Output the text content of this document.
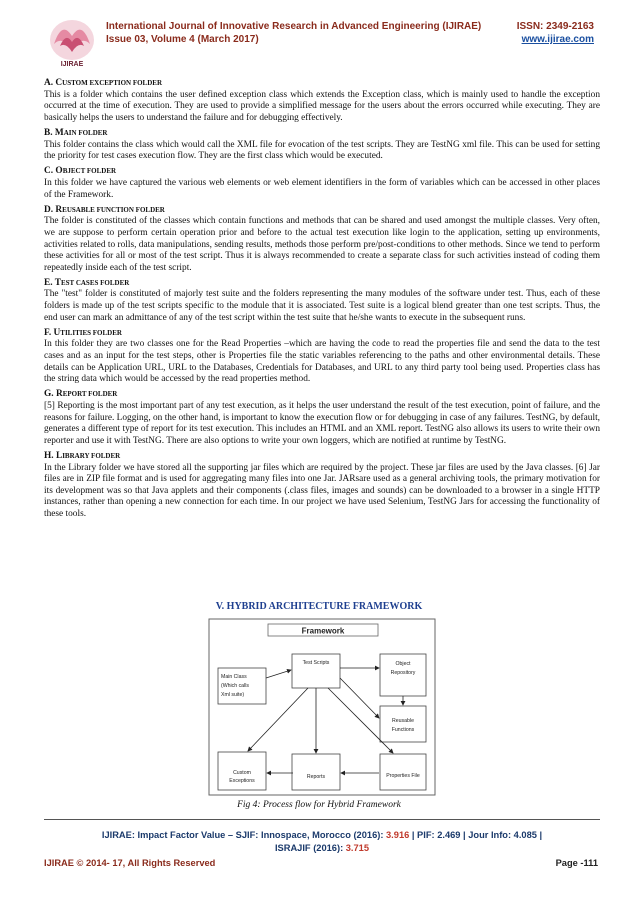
IJIRAE
International Journal of Innovative Research in Advanced Engineering (IJIRAE)
Issue 03, Volume 4 (March 2017)
ISSN: 2349-2163
www.ijirae.com

A. CUSTOM EXCEPTION FOLDER

This is a folder which contains the user defined exception class which extends the Exception class, which is mainly used to handle the exception occurred at the time of execution. They are used to provide a simplified message for the users about the errors occurred while executing. They are basically helps the users to understand the failure and for debugging effectively.

B. MAIN FOLDER

This folder contains the class which would call the XML file for evocation of the test scripts. They are TestNG xml file. This can be used for setting the priority for test cases execution flow. They are the first class which would be executed.

C. OBJECT FOLDER

In this folder we have captured the various web elements or web element identifiers in the form of variables which can be accessed in other places of the Framework.

D. REUSABLE FUNCTION FOLDER

The folder is constituted of the classes which contain functions and methods that can be shared and used amongst the multiple classes. Very often, we are suppose to perform certain operation prior and before to the actual test execution like login to the application, setting up environments, activities related to rolls, data manipulations, sending results, methods those perform pre/post-conditions to other methods. Since we tend to perform these activities for all or most of the test script. Thus it is always recommended to create a separate class for such activities instead of coding them repeatedly inside each of the test script.

E. TEST CASES FOLDER

The "test" folder is constituted of majorly test suite and the folders representing the many modules of the software under test. Thus, each of these folders is made up of the test scripts specific to the module that it is associated. Test suite is a logical blend greater than one test scripts. Thus, the end user can mark an admittance of any of the test script within the test suite that he/she wants to execute in the subsequent runs.

F. UTILITIES FOLDER

In this folder they are two classes one for the Read Properties –which are having the code to read the properties file and send the data to the test cases and as an input for the test steps, other is Properties file the static variables referencing to the paths and other environmental details. These details can be Application URL, URL to the Databases, Credentials for Databases, and URL to any third party tool being used. Properties class has the string data which would be accessed by the read properties method.

G. REPORT FOLDER

[5] Reporting is the most important part of any test execution, as it helps the user understand the result of the test execution, point of failure, and the reasons for failure. Logging, on the other hand, is important to know the execution flow or for debugging in case of any failures. TestNG, by default, generates a different type of report for its test execution. This includes an HTML and an XML report. TestNG also allows its users to write their own reporter and use it with TestNG. There are also options to write your own loggers, which are notified at runtime by TestNG.

H. LIBRARY FOLDER

In the Library folder we have stored all the supporting jar files which are required by the project. These jar files are used by the Java classes. [6] Jar files are in ZIP file format and is used for aggregating many files into one Jar. JARsare used as a general archiving tools, the primary motivation for its development was so that Java applets and their components (.class files, images and sounds) can be downloaded to a browser in a single HTTP instances, rather than opening a new connection for each time. In our project we have used Selenium, TestNG Jars for accessing the functionality of these tools.

V. HYBRID ARCHITECTURE FRAMEWORK
Framework
Main Class
(Which calls
Xml suite)
Test Scripts	Object
Repository
Reusable
Functions
Custom
Exceptions
Reports	Properties File
Fig 4: Process flow for Hybrid Framework
IJIRAE: Impact Factor Value – SJIF: Innospace, Morocco (2016): 3.916 | PIF: 2.469 | Jour Info: 4.085 |
ISRAJIF (2016): 3.715
IJIRAE © 2014- 17, All Rights Reserved	Page -111
